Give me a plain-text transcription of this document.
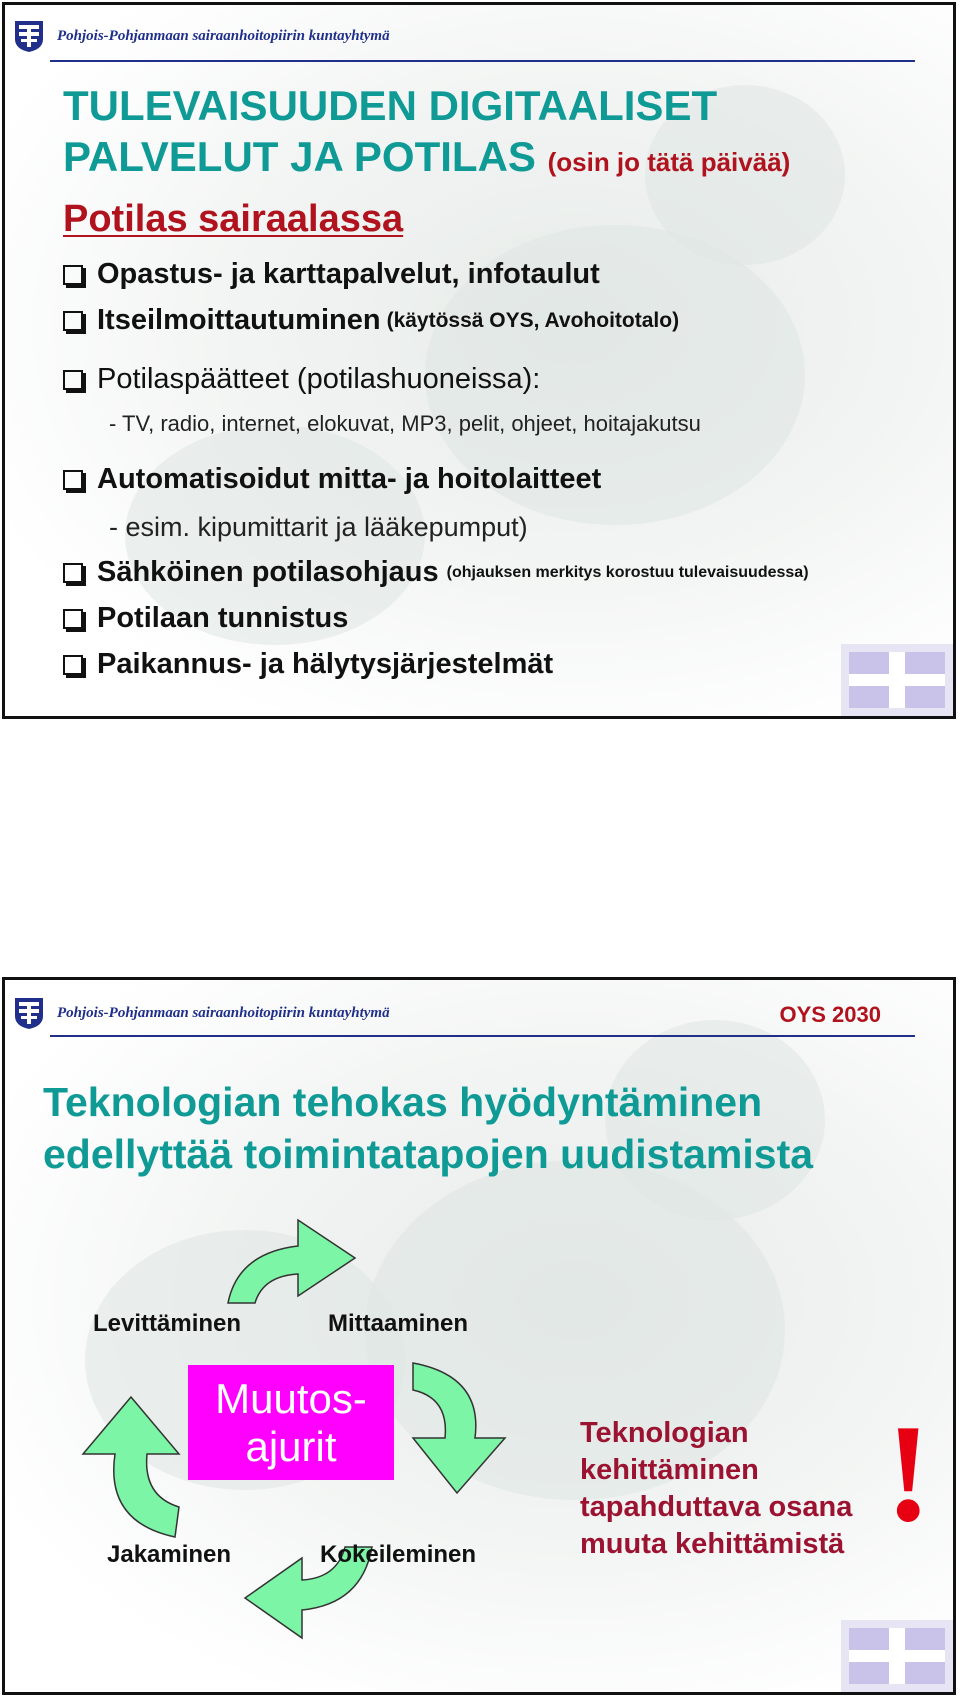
Pohjois-Pohjanmaan sairaanhoitopiirin kuntayhtymä
TULEVAISUUDEN DIGITAALISET
PALVELUT JA POTILAS (osin jo tätä päivää)
Potilas sairaalassa
Opastus- ja karttapalvelut, infotaulut
Itseilmoittautuminen (käytössä OYS, Avohoitotalo)
Potilaspäätteet (potilashuoneissa):
- TV, radio, internet, elokuvat, MP3, pelit, ohjeet, hoitajakutsu
Automatisoidut mitta- ja hoitolaitteet
- esim. kipumittarit ja lääkepumput)
Sähköinen potilasohjaus (ohjauksen merkitys korostuu tulevaisuudessa)
Potilaan tunnistus
Paikannus- ja hälytysjärjestelmät
Pohjois-Pohjanmaan sairaanhoitopiirin kuntayhtymä	OYS 2030
Teknologian tehokas hyödyntäminen
edellyttää toimintatapojen uudistamista
Levittäminen	Mittaaminen
Jakaminen	Kokeileminen
Muutos-
ajurit	Teknologian
kehittäminen
tapahduttava osana
muuta kehittämistä !
